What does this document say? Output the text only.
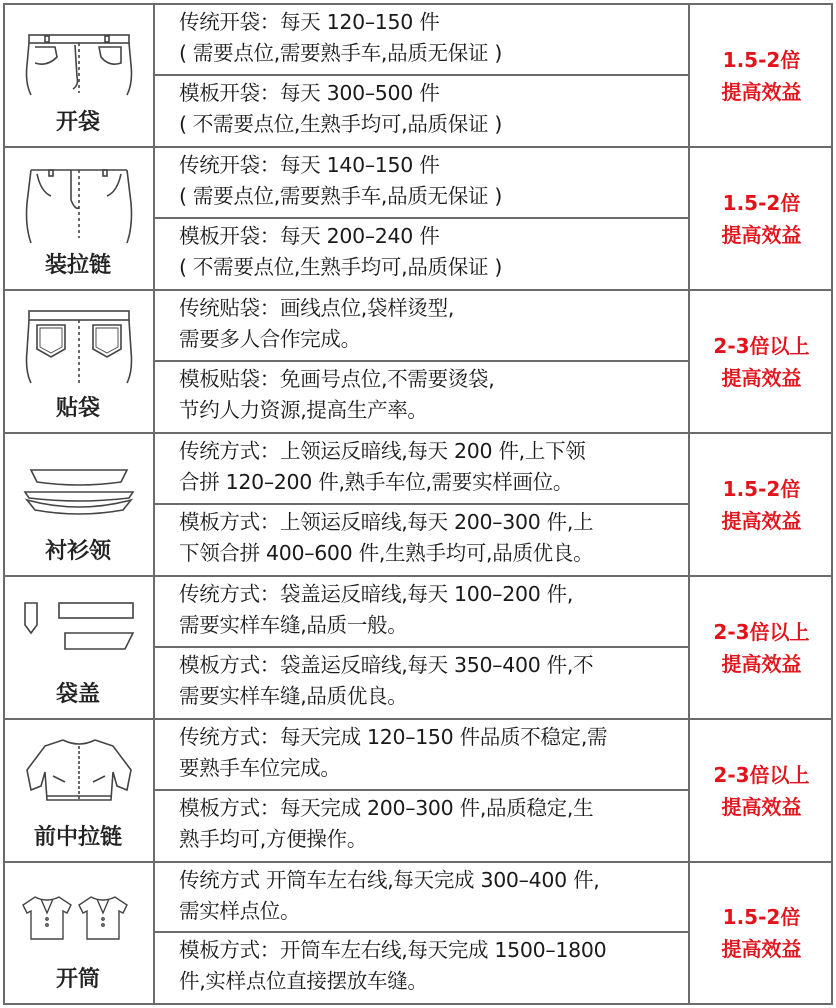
开袋
传统开袋：每天 120–150 件
( 需要点位,需要熟手车,品质无保证 )
模板开袋：每天 300–500 件
( 不需要点位,生熟手均可,品质保证 )
1.5-2倍
提高效益
装拉链
传统开袋：每天 140–150 件
( 需要点位,需要熟手车,品质无保证 )
模板开袋：每天 200–240 件
( 不需要点位,生熟手均可,品质保证 )
1.5-2倍
提高效益
贴袋
传统贴袋：画线点位,袋样烫型,
需要多人合作完成。
模板贴袋：免画号点位,不需要烫袋,
节约人力资源,提高生产率。
2-3倍以上
提高效益
衬衫领
传统方式：上领运反暗线,每天 200 件,上下领
合拼 120–200 件,熟手车位,需要实样画位。
模板方式：上领运反暗线,每天 200–300 件,上
下领合拼 400–600 件,生熟手均可,品质优良。
1.5-2倍
提高效益
袋盖
传统方式：袋盖运反暗线,每天 100–200 件,
需要实样车缝,品质一般。
模板方式：袋盖运反暗线,每天 350–400 件,不
需要实样车缝,品质优良。
2-3倍以上
提高效益
前中拉链
传统方式：每天完成 120–150 件品质不稳定,需
要熟手车位完成。
模板方式：每天完成 200–300 件,品质稳定,生
熟手均可,方便操作。
2-3倍以上
提高效益
开筒
传统方式 开筒车左右线,每天完成 300–400 件,
需实样点位。
模板方式：开筒车左右线,每天完成 1500–1800
件,实样点位直接摆放车缝。
1.5-2倍
提高效益
